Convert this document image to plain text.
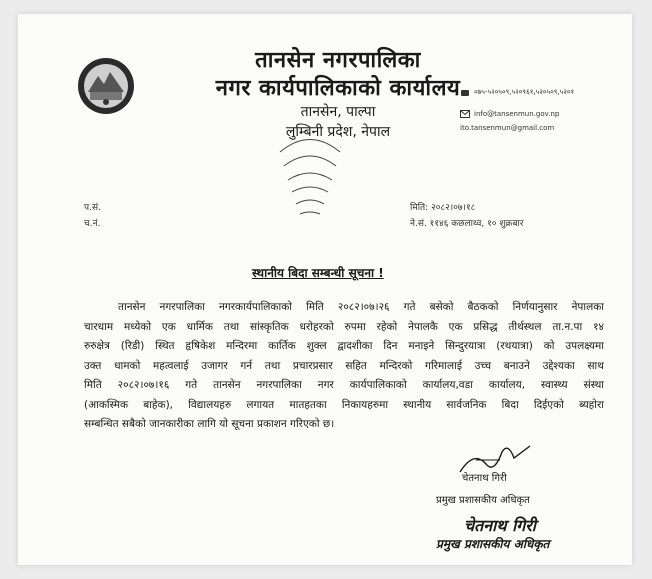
तानसेन नगरपालिका
नगर कार्यपालिकाको कार्यालय
तानसेन, पाल्पा
लुम्बिनी प्रदेश, नेपाल
०७५-५२०५०९,५२०९६१,५२०५०९,५२०१
info@tansenmun.gov.np
ito.tansenmun@gmail.com
प.सं.
च.नं.
मिति: २०८२।०७।१८
ने.सं. ११४६ कछलाथ्व, १० शुक्रबार
स्थानीय बिदा सम्बन्धी सूचना !
तानसेन नगरपालिका नगरकार्यपालिकाको मिति २०८२।०७।२६ गते बसेको बैठकको निर्णयानुसार नेपालका
चारधाम मध्येको एक धार्मिक तथा सांस्कृतिक धरोहरको रुपमा रहेको नेपालकै एक प्रसिद्ध तीर्थस्थल ता.न.पा १४
रुरुक्षेत्र (रिडी) स्थित हृषिकेश मन्दिरमा कार्तिक शुक्ल द्वादशीका दिन मनाइने सिन्दुरयात्रा (रथयात्रा) को उपलक्ष्यमा
उक्त धामको महत्वलाई उजागर गर्न तथा प्रचारप्रसार सहित मन्दिरको गरिमालाई उच्च बनाउने उद्देश्यका साथ
मिति २०८२।०७।१६ गते तानसेन नगरपालिका नगर कार्यपालिकाको कार्यालय,वडा कार्यालय, स्वास्थ्य संस्था
(आकस्मिक बाहेक), विद्यालयहरु लगायत मातहतका निकायहरुमा स्थानीय सार्वजनिक बिदा दिईएको ब्यहोरा
सम्बन्धित सबैको जानकारीका लागि यो सूचना प्रकाशन गरिएको छ।
चेतनाथ गिरी
प्रमुख प्रशासकीय अधिकृत
चेतनाथ गिरी
प्रमुख प्रशासकीय अधिकृत
